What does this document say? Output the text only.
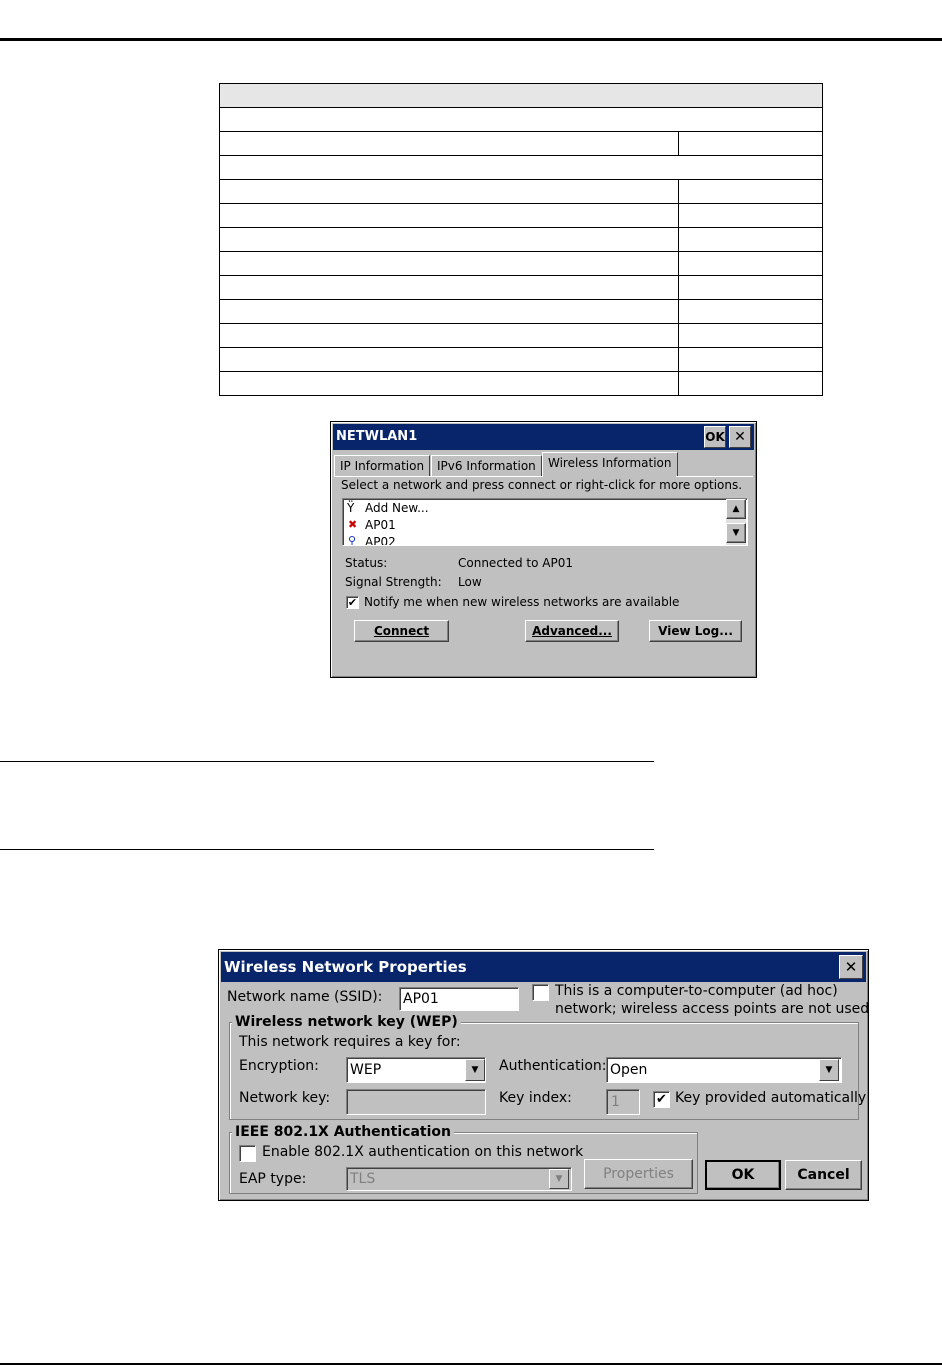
NETWLAN1	OK ✕
IP Information	IPv6 Information	Wireless Information
Select a network and press connect or right-click for more options.
Ϋ Add New...
✖ AP01
⚲ AP02
▲
▼
Status:	Connected to AP01
Signal Strength: Low
✔ Notify me when new wireless networks are available
Connect	Advanced...	View Log...
Wireless Network Properties	✕
Network name (SSID): AP01	This is a computer-to-computer (ad hoc)
network; wireless access points are not used
Wireless network key (WEP)
This network requires a key for:
Encryption: WEP	▼	Authentication: Open	▼
Network key:	Key index:	1	✔ Key provided automatically
IEEE 802.1X Authentication
Enable 802.1X authentication on this network
EAP type:	TLS	▼	Properties	OK	Cancel
